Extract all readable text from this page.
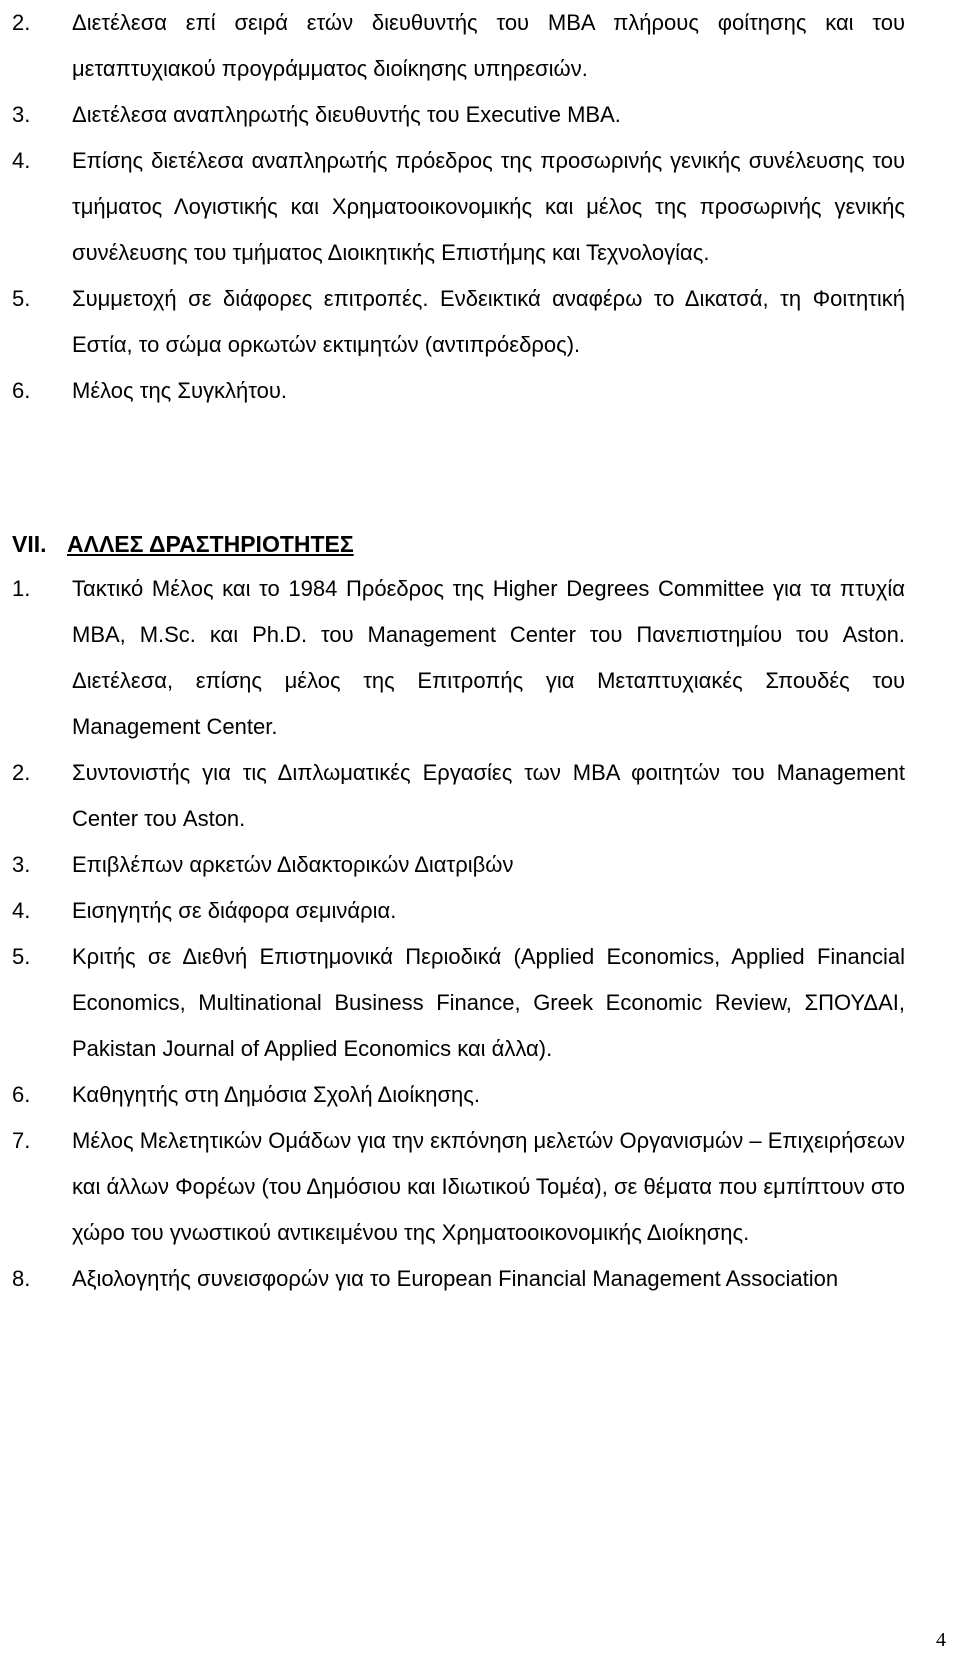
2. Διετέλεσα επί σειρά ετών διευθυντής του MBA πλήρους φοίτησης και του μεταπτυχιακού προγράμματος διοίκησης υπηρεσιών.
3. Διετέλεσα αναπληρωτής διευθυντής του Executive MBA.
4. Επίσης διετέλεσα αναπληρωτής πρόεδρος της προσωρινής γενικής συνέλευσης του τμήματος Λογιστικής και Χρηματοοικονομικής και μέλος της προσωρινής γενικής συνέλευσης του τμήματος Διοικητικής Επιστήμης και Τεχνολογίας.
5. Συμμετοχή σε διάφορες επιτροπές. Ενδεικτικά αναφέρω το Δικατσά, τη Φοιτητική Εστία, το σώμα ορκωτών εκτιμητών (αντιπρόεδρος).
6. Μέλος της Συγκλήτου.
VII. ΑΛΛΕΣ ΔΡΑΣΤΗΡΙΟΤΗΤΕΣ
1. Τακτικό Μέλος και το 1984 Πρόεδρος της Higher Degrees Committee για τα πτυχία MBA, M.Sc. και Ph.D. του Management Center του Πανεπιστημίου του Aston. Διετέλεσα, επίσης μέλος της Επιτροπής για Μεταπτυχιακές Σπουδές του Management Center.
2. Συντονιστής για τις Διπλωματικές Εργασίες των MBA φοιτητών του Management Center του Aston.
3. Επιβλέπων αρκετών Διδακτορικών Διατριβών
4. Εισηγητής σε διάφορα σεμινάρια.
5. Κριτής σε Διεθνή Επιστημονικά Περιοδικά (Applied Economics, Applied Financial Economics, Multinational Business Finance, Greek Economic Review, ΣΠΟΥΔΑΙ, Pakistan Journal of Applied Economics και άλλα).
6. Καθηγητής στη Δημόσια Σχολή Διοίκησης.
7. Μέλος Μελετητικών Ομάδων για την εκπόνηση μελετών Οργανισμών – Επιχειρήσεων και άλλων Φορέων (του Δημόσιου και Ιδιωτικού Τομέα), σε θέματα που εμπίπτουν στο χώρο του γνωστικού αντικειμένου της Χρηματοοικονομικής Διοίκησης.
8. Αξιολογητής συνεισφορών για το European Financial Management Association
4
